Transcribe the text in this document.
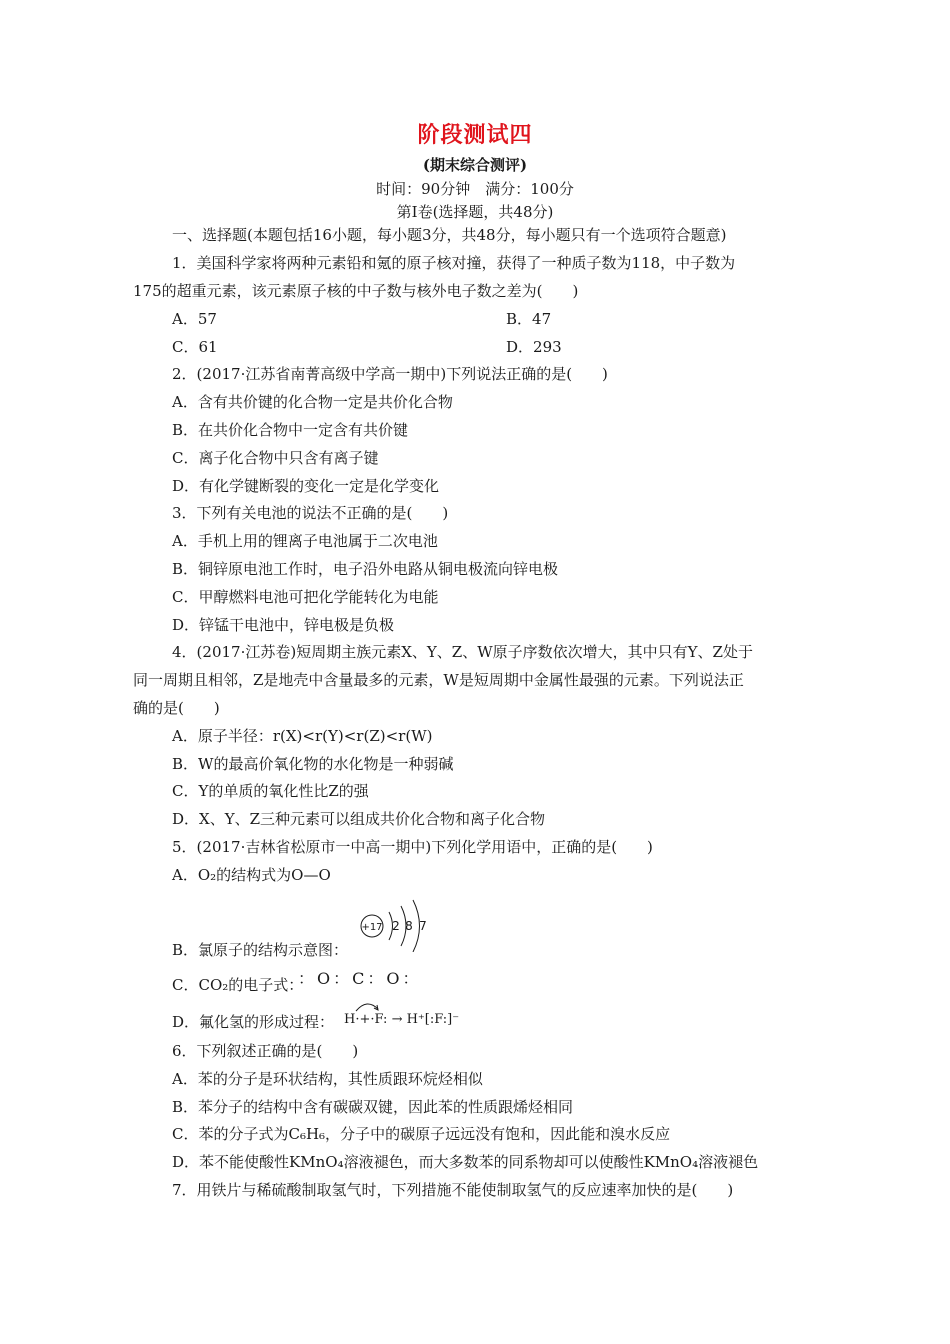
阶段测试四
(期末综合测评)
时间：90分钟　满分：100分
第Ⅰ卷(选择题，共48分)
一、选择题(本题包括16小题，每小题3分，共48分，每小题只有一个选项符合题意)
1．美国科学家将两种元素铅和氪的原子核对撞，获得了一种质子数为118，中子数为
175的超重元素，该元素原子核的中子数与核外电子数之差为(　　)
A．57	B．47
C．61	D．293
2．(2017·江苏省南菁高级中学高一期中)下列说法正确的是(　　)
A．含有共价键的化合物一定是共价化合物
B．在共价化合物中一定含有共价键
C．离子化合物中只含有离子键
D．有化学键断裂的变化一定是化学变化
3．下列有关电池的说法不正确的是(　　)
A．手机上用的锂离子电池属于二次电池
B．铜锌原电池工作时，电子沿外电路从铜电极流向锌电极
C．甲醇燃料电池可把化学能转化为电能
D．锌锰干电池中，锌电极是负极
4．(2017·江苏卷)短周期主族元素X、Y、Z、W原子序数依次增大，其中只有Y、Z处于
同一周期且相邻，Z是地壳中含量最多的元素，W是短周期中金属性最强的元素。下列说法正
确的是(　　)
A．原子半径：r(X)<r(Y)<r(Z)<r(W)
B．W的最高价氧化物的水化物是一种弱碱
C．Y的单质的氧化性比Z的强
D．X、Y、Z三种元素可以组成共价化合物和离子化合物
5．(2017·吉林省松原市一中高一期中)下列化学用语中，正确的是(　　)
A．O₂的结构式为O—O
B．氯原子的结构示意图：
+17 2 8 7
C．CO₂的电子式：
：O：C：O：
D．氟化氢的形成过程： H·+·F: → H⁺[:F:]⁻
6．下列叙述正确的是(　　)
A．苯的分子是环状结构，其性质跟环烷烃相似
B．苯分子的结构中含有碳碳双键，因此苯的性质跟烯烃相同
C．苯的分子式为C₆H₆，分子中的碳原子远远没有饱和，因此能和溴水反应
D．苯不能使酸性KMnO₄溶液褪色，而大多数苯的同系物却可以使酸性KMnO₄溶液褪色
7．用铁片与稀硫酸制取氢气时，下列措施不能使制取氢气的反应速率加快的是(　　)
